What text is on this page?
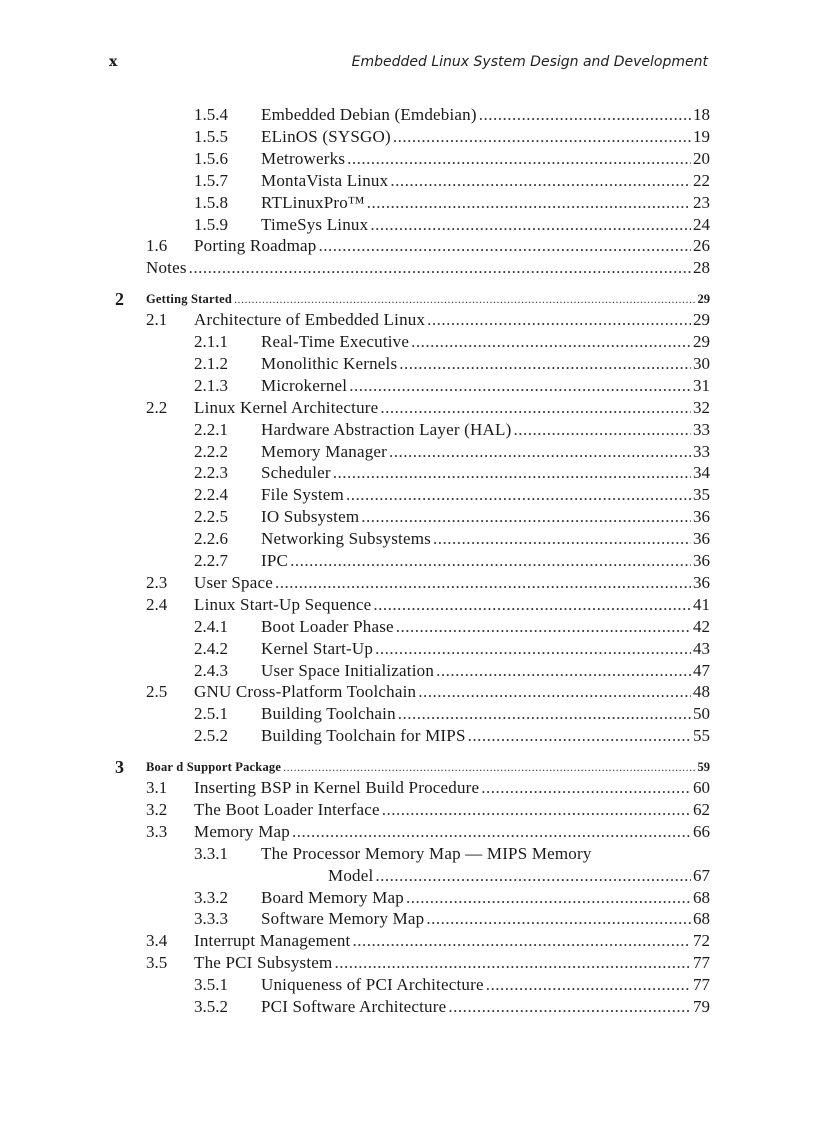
x	Embedded Linux System Design and Development
1.5.4 Embedded Debian (Emdebian) .....	18
1.5.5 ELinOS (SYSGO) .....	19
1.5.6 Metrowerks .....	20
1.5.7 MontaVista Linux .....	22
1.5.8 RTLinuxPro™ .....	23
1.5.9 TimeSys Linux .....	24
1.6 Porting Roadmap .....	26
Notes .....	28
2 Getting Started .....	29
2.1 Architecture of Embedded Linux .....	29
2.1.1 Real-Time Executive .....	29
2.1.2 Monolithic Kernels .....	30
2.1.3 Microkernel .....	31
2.2 Linux Kernel Architecture .....	32
2.2.1 Hardware Abstraction Layer (HAL) .....	33
2.2.2 Memory Manager .....	33
2.2.3 Scheduler .....	34
2.2.4 File System .....	35
2.2.5 IO Subsystem .....	36
2.2.6 Networking Subsystems .....	36
2.2.7 IPC .....	36
2.3 User Space .....	36
2.4 Linux Start-Up Sequence .....	41
2.4.1 Boot Loader Phase .....	42
2.4.2 Kernel Start-Up .....	43
2.4.3 User Space Initialization .....	47
2.5 GNU Cross-Platform Toolchain .....	48
2.5.1 Building Toolchain .....	50
2.5.2 Building Toolchain for MIPS .....	55
3 Boar d Support Package .....	59
3.1 Inserting BSP in Kernel Build Procedure .....	60
3.2 The Boot Loader Interface .....	62
3.3 Memory Map .....	66
3.3.1 The Processor Memory Map — MIPS Memory
Model .....	67
3.3.2 Board Memory Map .....	68
3.3.3 Software Memory Map .....	68
3.4 Interrupt Management .....	72
3.5 The PCI Subsystem .....	77
3.5.1 Uniqueness of PCI Architecture .....	77
3.5.2 PCI Software Architecture .....	79
